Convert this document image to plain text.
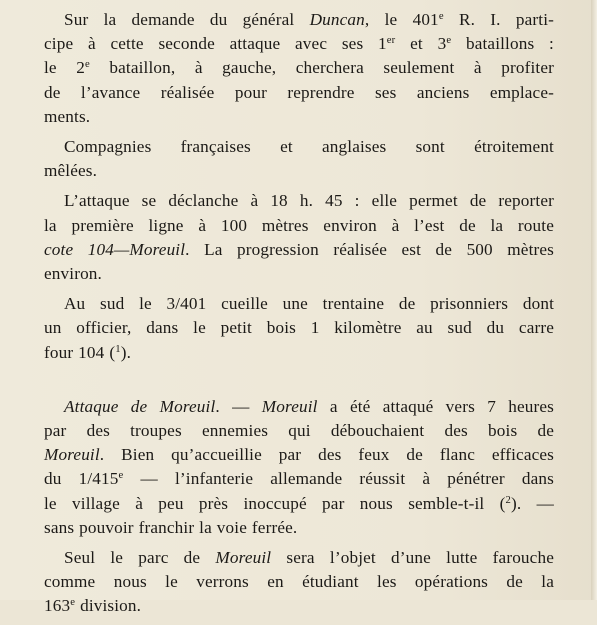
Sur la demande du général Duncan, le 401e R. I. parti-
cipe à cette seconde attaque avec ses 1er et 3e bataillons :
le 2e bataillon, à gauche, cherchera seulement à profiter
de l’avance réalisée pour reprendre ses anciens emplace-
ments.
Compagnies françaises et anglaises sont étroitement
mêlées.
L’attaque se déclanche à 18 h. 45 : elle permet de reporter
la première ligne à 100 mètres environ à l’est de la route
cote 104—Moreuil. La progression réalisée est de 500 mètres
environ.
Au sud le 3/401 cueille une trentaine de prisonniers dont
un officier, dans le petit bois 1 kilomètre au sud du carre
four 104 ($^1$).
Attaque de Moreuil. — Moreuil a été attaqué vers 7 heures
par des troupes ennemies qui débouchaient des bois de
Moreuil. Bien qu’accueillie par des feux de flanc efficaces
du 1/415e — l’infanterie allemande réussit à pénétrer dans
le village à peu près inoccupé par nous semble-t-il ($^2$). —
sans pouvoir franchir la voie ferrée.
Seul le parc de Moreuil sera l’objet d’une lutte farouche
comme nous le verrons en étudiant les opérations de la
163e division.
